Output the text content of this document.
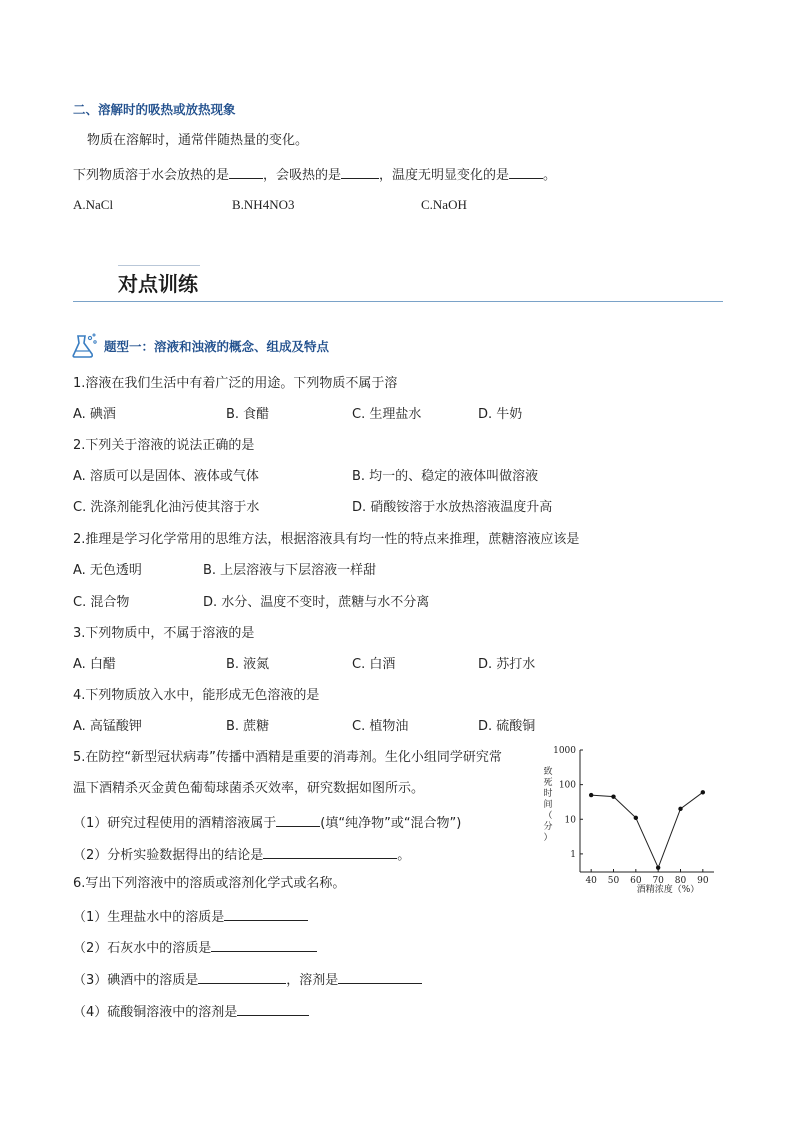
二、溶解时的吸热或放热现象
物质在溶解时，通常伴随热量的变化。
下列物质溶于水会放热的是	，会吸热的是	，温度无明显变化的是	。
A.NaCl	B.NH4NO3	C.NaOH
对点训练
题型一：溶液和浊液的概念、组成及特点
1.溶液在我们生活中有着广泛的用途。下列物质不属于溶
A. 碘酒	B. 食醋	C. 生理盐水	D. 牛奶
2.下列关于溶液的说法正确的是
A. 溶质可以是固体、液体或气体	B. 均一的、稳定的液体叫做溶液
C. 洗涤剂能乳化油污使其溶于水	D. 硝酸铵溶于水放热溶液温度升高
2.推理是学习化学常用的思维方法，根据溶液具有均一性的特点来推理，蔗糖溶液应该是
A. 无色透明	B. 上层溶液与下层溶液一样甜
C. 混合物	D. 水分、温度不变时，蔗糖与水不分离
3.下列物质中，不属于溶液的是
A. 白醋	B. 液氮	C. 白酒	D. 苏打水
4.下列物质放入水中，能形成无色溶液的是
A. 高锰酸钾	B. 蔗糖	C. 植物油	D. 硫酸铜
5.在防控“新型冠状病毒”传播中酒精是重要的消毒剂。生化小组同学研究常
温下酒精杀灭金黄色葡萄球菌杀灭效率，研究数据如图所示。
（1）研究过程使用的酒精溶液属于	(填“纯净物”或“混合物”)
（2）分析实验数据得出的结论是	。	1
10
100
1000
40 50 60 70 80 90
致
死
时
间
（
分
）
酒精浓度（%）
6.写出下列溶液中的溶质或溶剂化学式或名称。
（1）生理盐水中的溶质是
（2）石灰水中的溶质是
（3）碘酒中的溶质是	，溶剂是
（4）硫酸铜溶液中的溶剂是
